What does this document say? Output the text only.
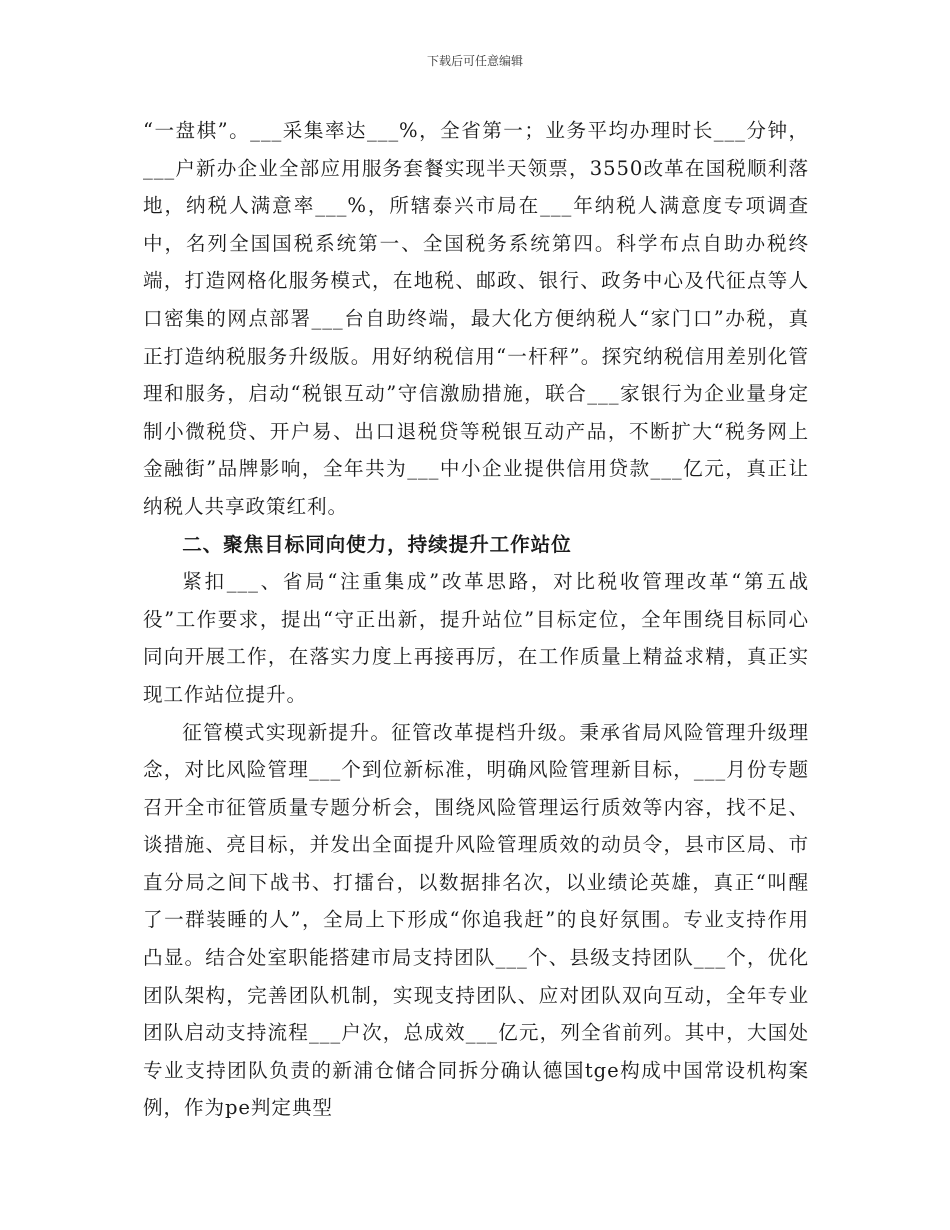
下载后可任意编辑

“一盘棋”。___采集率达___%，全省第一；业务平均办理时长___分钟，___户新办企业全部应用服务套餐实现半天领票，3550改革在国税顺利落地，纳税人满意率___%，所辖泰兴市局在___年纳税人满意度专项调查中，名列全国国税系统第一、全国税务系统第四。科学布点自助办税终端，打造网格化服务模式，在地税、邮政、银行、政务中心及代征点等人口密集的网点部署___台自助终端，最大化方便纳税人“家门口”办税，真正打造纳税服务升级版。用好纳税信用“一杆秤”。探究纳税信用差别化管理和服务，启动“税银互动”守信激励措施，联合___家银行为企业量身定制小微税贷、开户易、出口退税贷等税银互动产品，不断扩大“税务网上金融街”品牌影响，全年共为___中小企业提供信用贷款___亿元，真正让纳税人共享政策红利。

二、聚焦目标同向使力，持续提升工作站位

紧扣___、省局“注重集成”改革思路，对比税收管理改革“第五战役”工作要求，提出“守正出新，提升站位”目标定位，全年围绕目标同心同向开展工作，在落实力度上再接再厉，在工作质量上精益求精，真正实现工作站位提升。

征管模式实现新提升。征管改革提档升级。秉承省局风险管理升级理念，对比风险管理___个到位新标准，明确风险管理新目标，___月份专题召开全市征管质量专题分析会，围绕风险管理运行质效等内容，找不足、谈措施、亮目标，并发出全面提升风险管理质效的动员令，县市区局、市直分局之间下战书、打擂台，以数据排名次，以业绩论英雄，真正“叫醒了一群装睡的人”，全局上下形成“你追我赶”的良好氛围。专业支持作用凸显。结合处室职能搭建市局支持团队___个、县级支持团队___个，优化团队架构，完善团队机制，实现支持团队、应对团队双向互动，全年专业团队启动支持流程___户次，总成效___亿元，列全省前列。其中，大国处专业支持团队负责的新浦仓储合同拆分确认德国tge构成中国常设机构案例，作为pe判定典型
